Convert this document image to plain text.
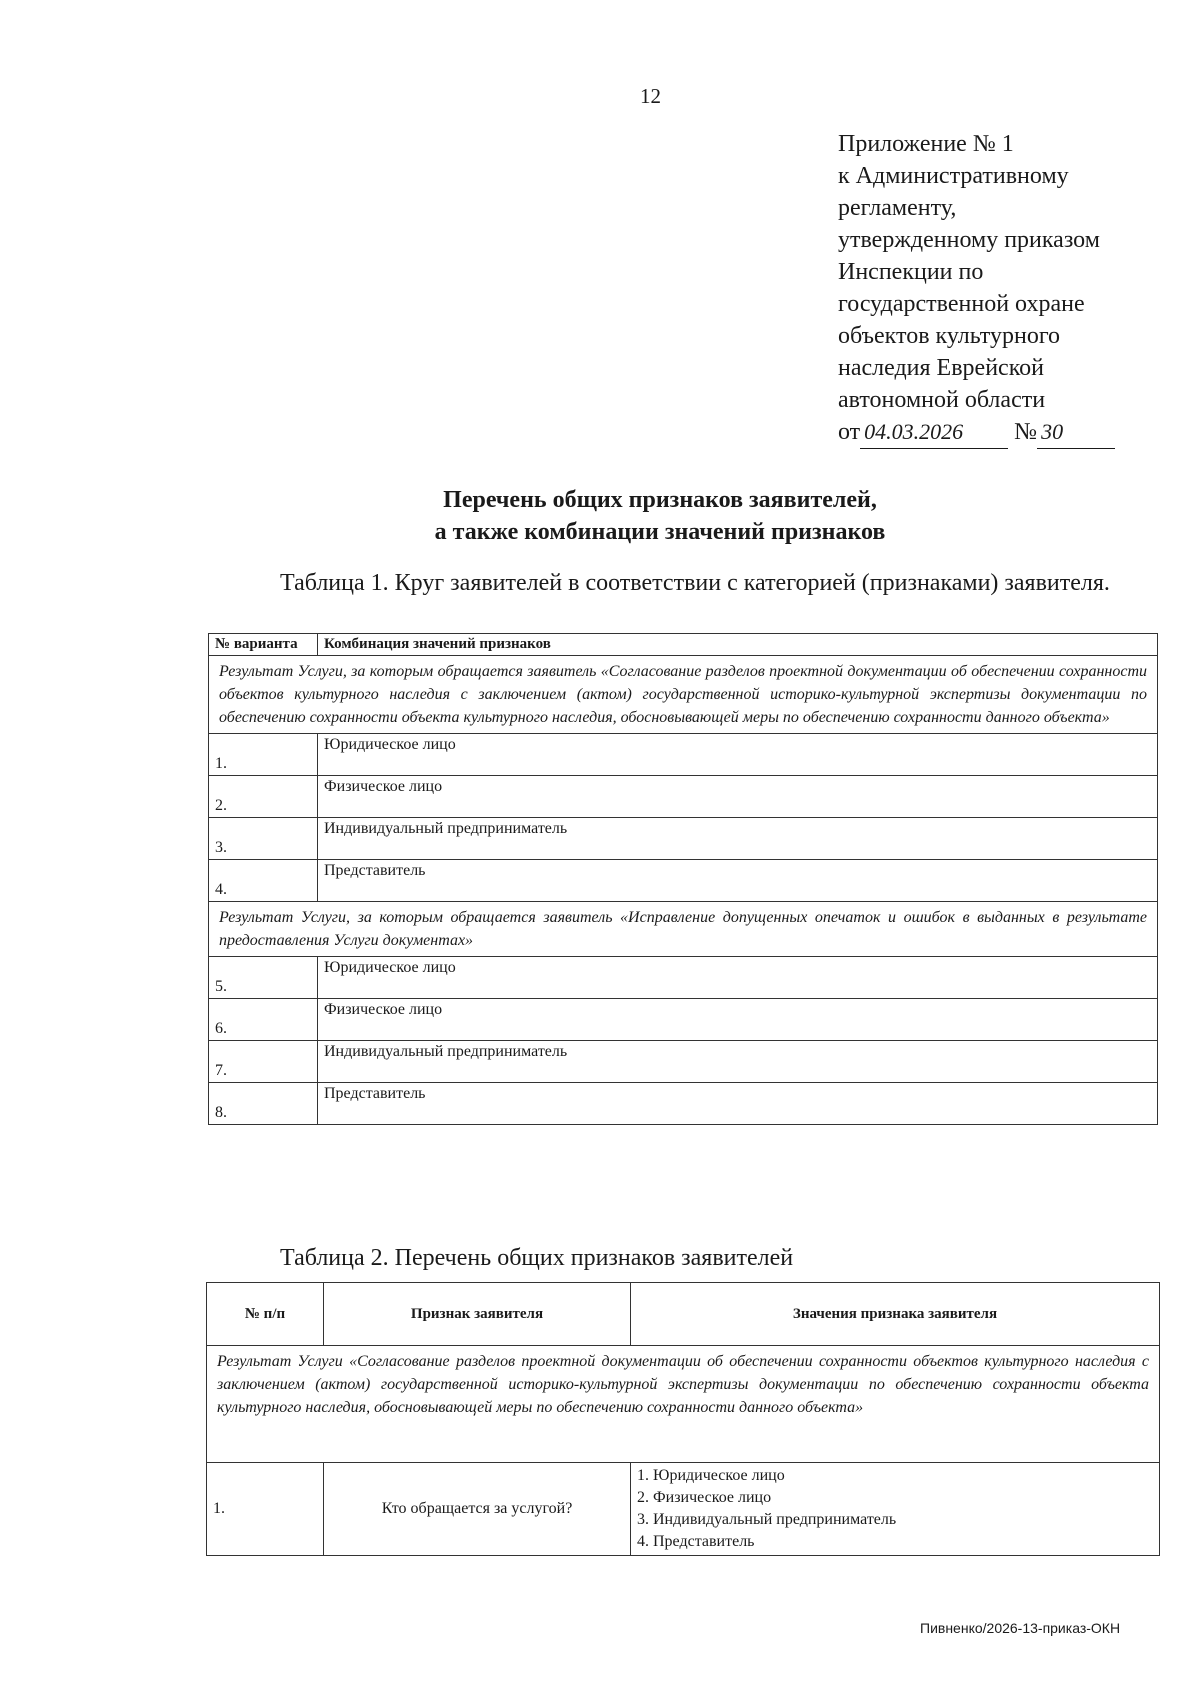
12
Приложение № 1
к Административному
регламенту,
утвержденному приказом
Инспекции по
государственной охране
объектов культурного
наследия Еврейской
автономной области
от 04.03.2026 № 30
Перечень общих признаков заявителей,
а также комбинации значений признаков
Таблица 1. Круг заявителей в соответствии с категорией (признаками) заявителя.
№ варианта	Комбинация значений признаков
Результат Услуги, за которым обращается заявитель «Согласование разделов проектной документации об обеспечении сохранности объектов культурного наследия с заключением (актом) государственной историко-культурной экспертизы документации по обеспечению сохранности объекта культурного наследия, обосновывающей меры по обеспечению сохранности данного объекта»	
1.	Юридическое лицо
2.	Физическое лицо
3.	Индивидуальный предприниматель
4.	Представитель
Результат Услуги, за которым обращается заявитель «Исправление допущенных опечаток и ошибок в выданных в результате предоставления Услуги документах»	
5.	Юридическое лицо
6.	Физическое лицо
7.	Индивидуальный предприниматель
8.	Представитель
Таблица 2. Перечень общих признаков заявителей
№ п/п	Признак заявителя	Значения признака заявителя
Результат Услуги «Согласование разделов проектной документации об обеспечении сохранности объектов культурного наследия с заключением (актом) государственной историко-культурной экспертизы документации по обеспечению сохранности объекта культурного наследия, обосновывающей меры по обеспечению сохранности данного объекта»		
1.	Кто обращается за услугой?	1. Юридическое лицо
2. Физическое лицо
3. Индивидуальный предприниматель
4. Представитель
Пивненко/2026-13-приказ-ОКН
